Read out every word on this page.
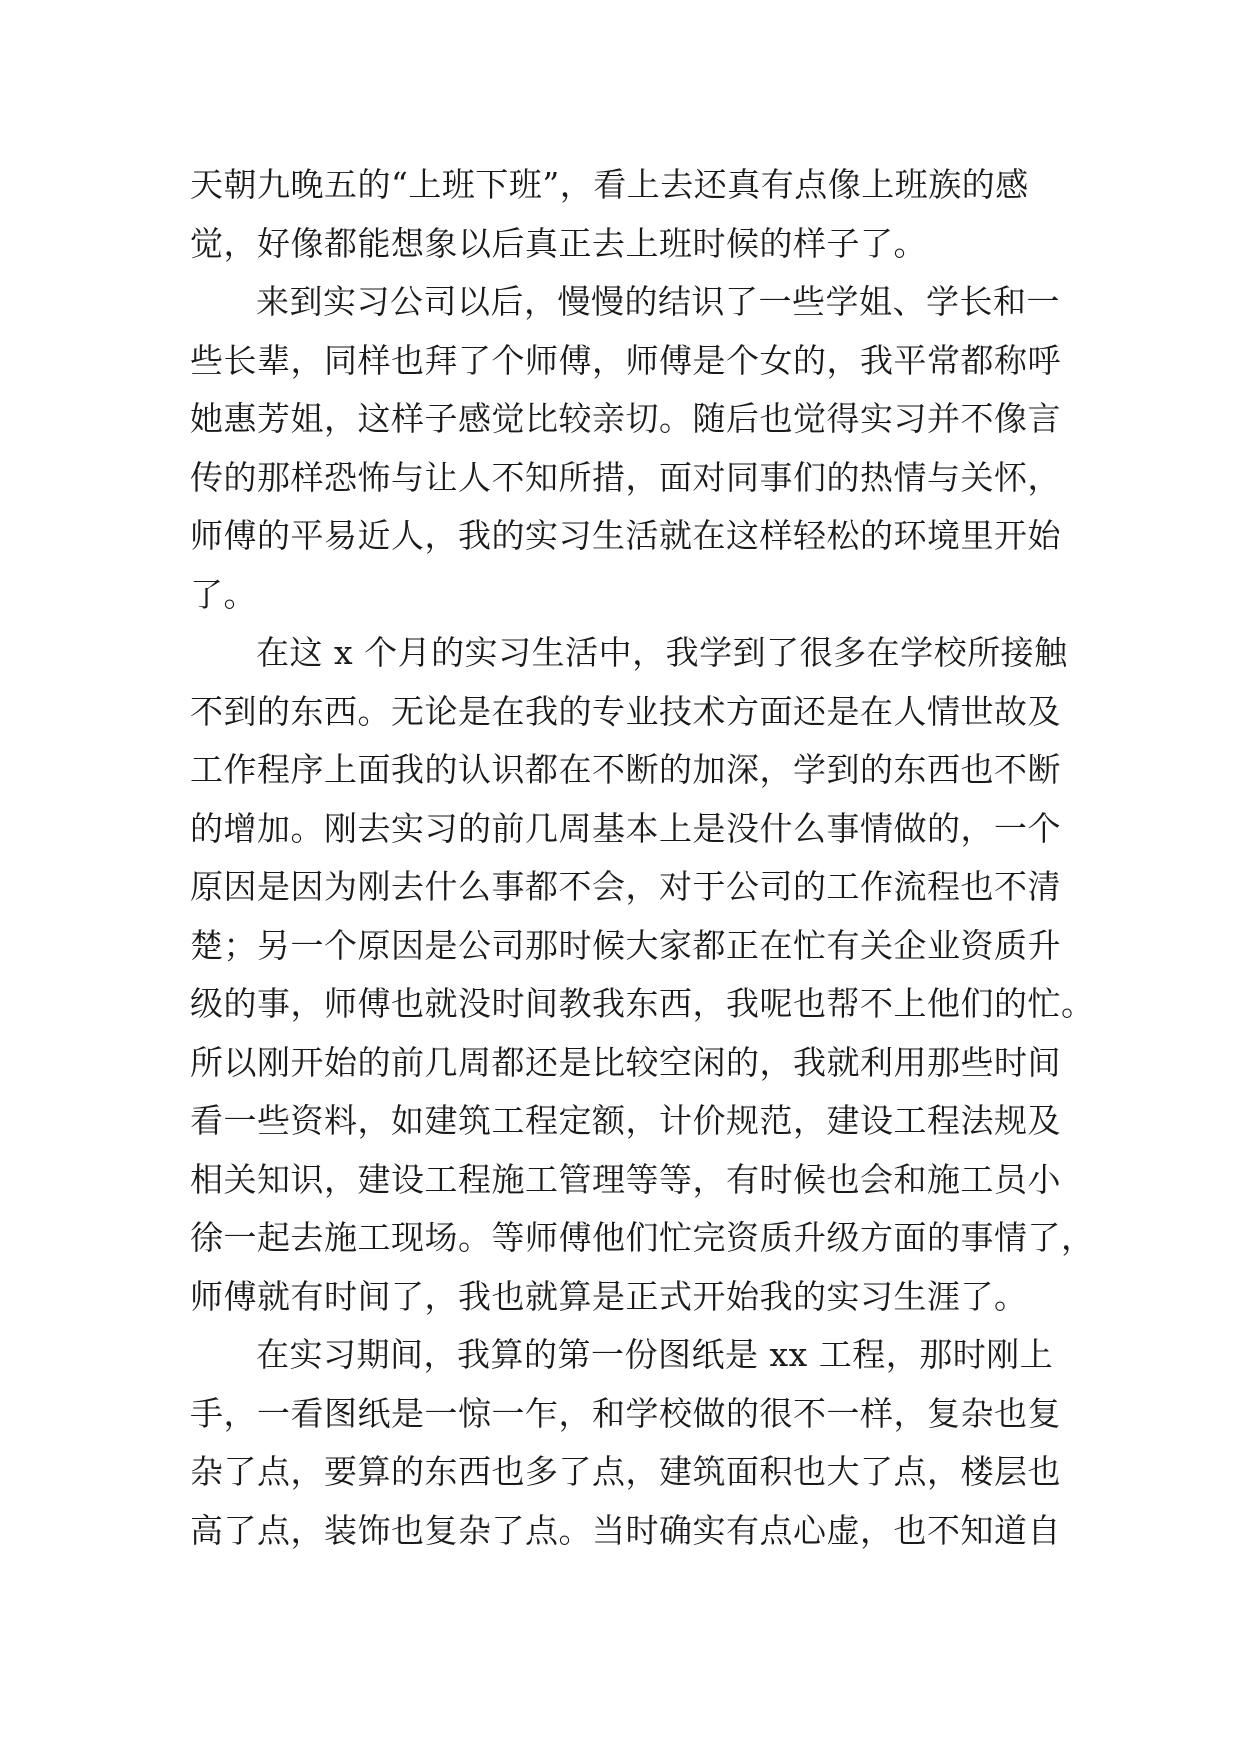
天朝九晚五的“上班下班”，看上去还真有点像上班族的感
觉，好像都能想象以后真正去上班时候的样子了。
来到实习公司以后，慢慢的结识了一些学姐、学长和一
些长辈，同样也拜了个师傅，师傅是个女的，我平常都称呼
她惠芳姐，这样子感觉比较亲切。随后也觉得实习并不像言
传的那样恐怖与让人不知所措，面对同事们的热情与关怀，
师傅的平易近人，我的实习生活就在这样轻松的环境里开始
了。
在这 x 个月的实习生活中，我学到了很多在学校所接触
不到的东西。无论是在我的专业技术方面还是在人情世故及
工作程序上面我的认识都在不断的加深，学到的东西也不断
的增加。刚去实习的前几周基本上是没什么事情做的，一个
原因是因为刚去什么事都不会，对于公司的工作流程也不清
楚；另一个原因是公司那时候大家都正在忙有关企业资质升
级的事，师傅也就没时间教我东西，我呢也帮不上他们的忙。
所以刚开始的前几周都还是比较空闲的，我就利用那些时间
看一些资料，如建筑工程定额，计价规范，建设工程法规及
相关知识，建设工程施工管理等等，有时候也会和施工员小
徐一起去施工现场。等师傅他们忙完资质升级方面的事情了，
师傅就有时间了，我也就算是正式开始我的实习生涯了。
在实习期间，我算的第一份图纸是 xx 工程，那时刚上
手，一看图纸是一惊一乍，和学校做的很不一样，复杂也复
杂了点，要算的东西也多了点，建筑面积也大了点，楼层也
高了点，装饰也复杂了点。当时确实有点心虚，也不知道自
